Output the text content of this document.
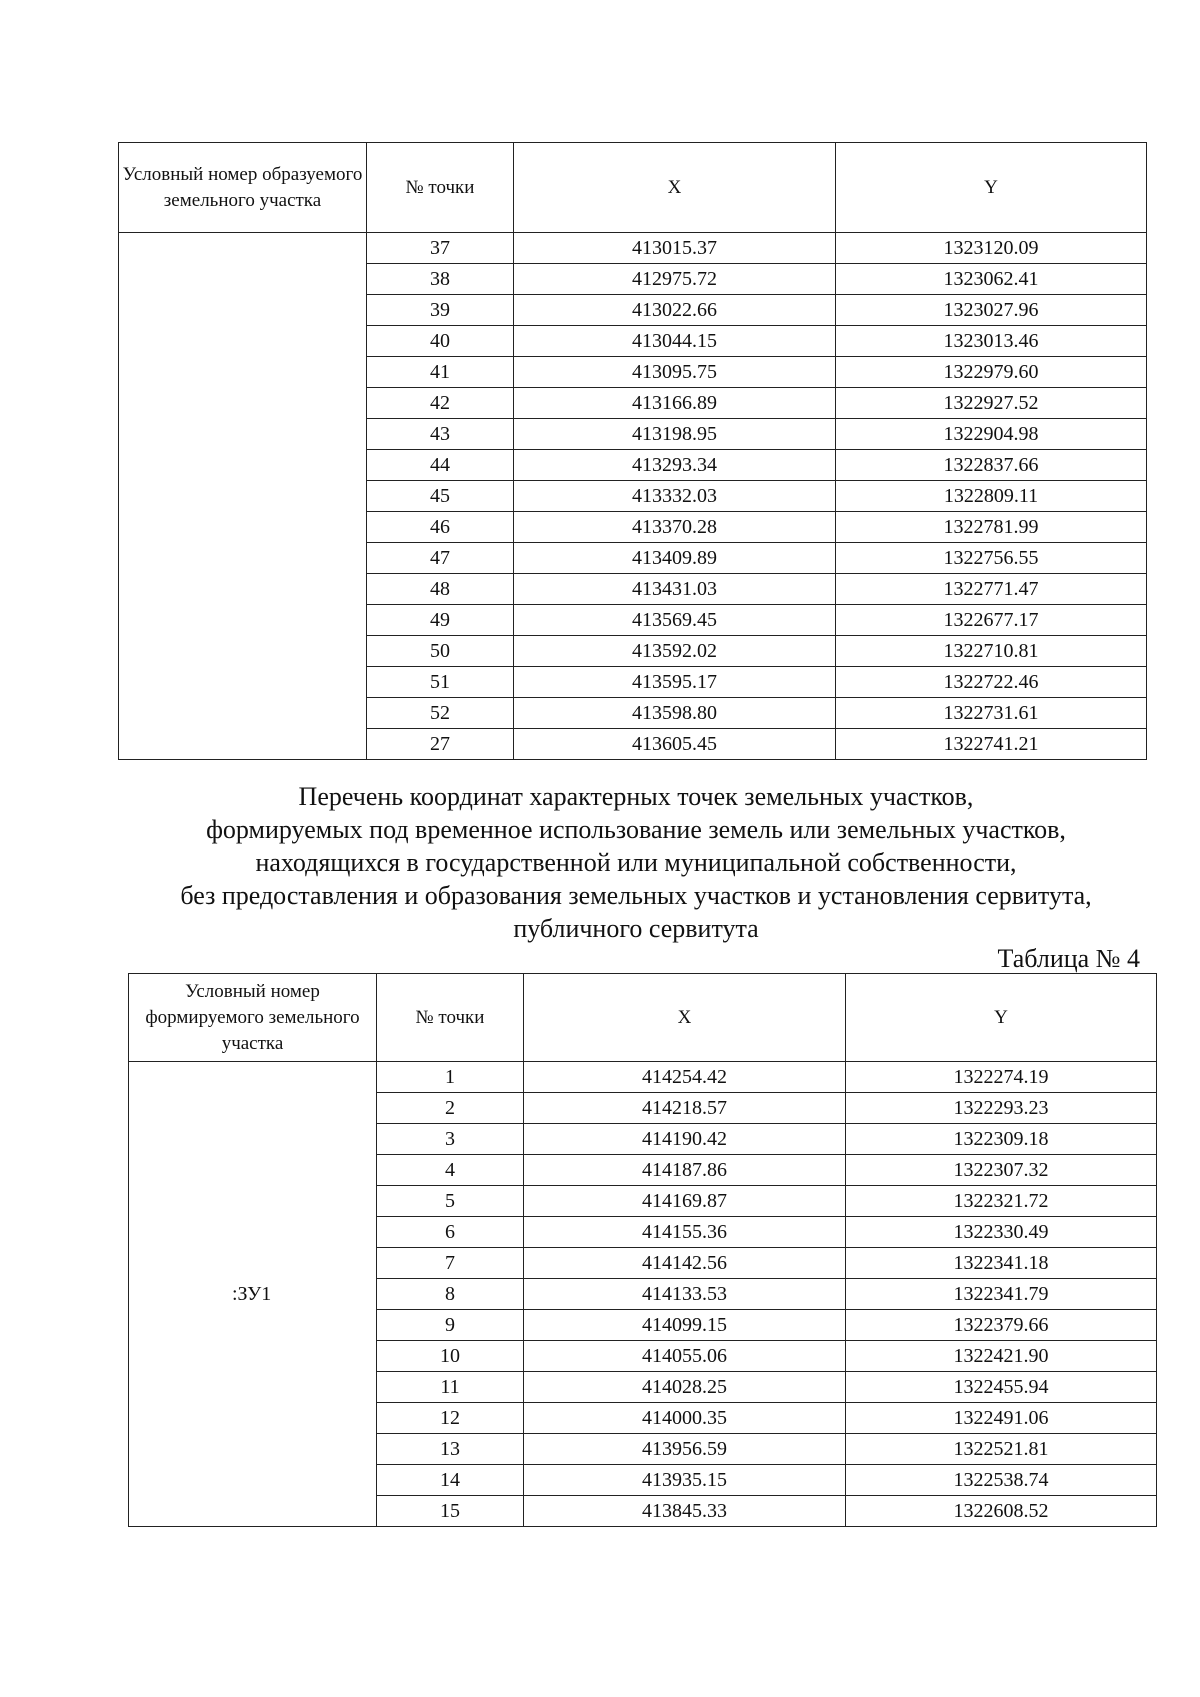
Условный номер образуемого земельного участка	№ точки	X	Y
	37	413015.37	1323120.09
	38	412975.72	1323062.41
	39	413022.66	1323027.96
	40	413044.15	1323013.46
	41	413095.75	1322979.60
	42	413166.89	1322927.52
	43	413198.95	1322904.98
	44	413293.34	1322837.66
	45	413332.03	1322809.11
	46	413370.28	1322781.99
	47	413409.89	1322756.55
	48	413431.03	1322771.47
	49	413569.45	1322677.17
	50	413592.02	1322710.81
	51	413595.17	1322722.46
	52	413598.80	1322731.61
	27	413605.45	1322741.21
Перечень координат характерных точек земельных участков,
формируемых под временное использование земель или земельных участков,
находящихся в государственной или муниципальной собственности,
без предоставления и образования земельных участков и установления сервитута,
публичного сервитута
Таблица № 4
Условный номер формируемого земельного участка	№ точки	X	Y
:ЗУ1	1	414254.42	1322274.19
	2	414218.57	1322293.23
	3	414190.42	1322309.18
	4	414187.86	1322307.32
	5	414169.87	1322321.72
	6	414155.36	1322330.49
	7	414142.56	1322341.18
	8	414133.53	1322341.79
	9	414099.15	1322379.66
	10	414055.06	1322421.90
	11	414028.25	1322455.94
	12	414000.35	1322491.06
	13	413956.59	1322521.81
	14	413935.15	1322538.74
	15	413845.33	1322608.52
